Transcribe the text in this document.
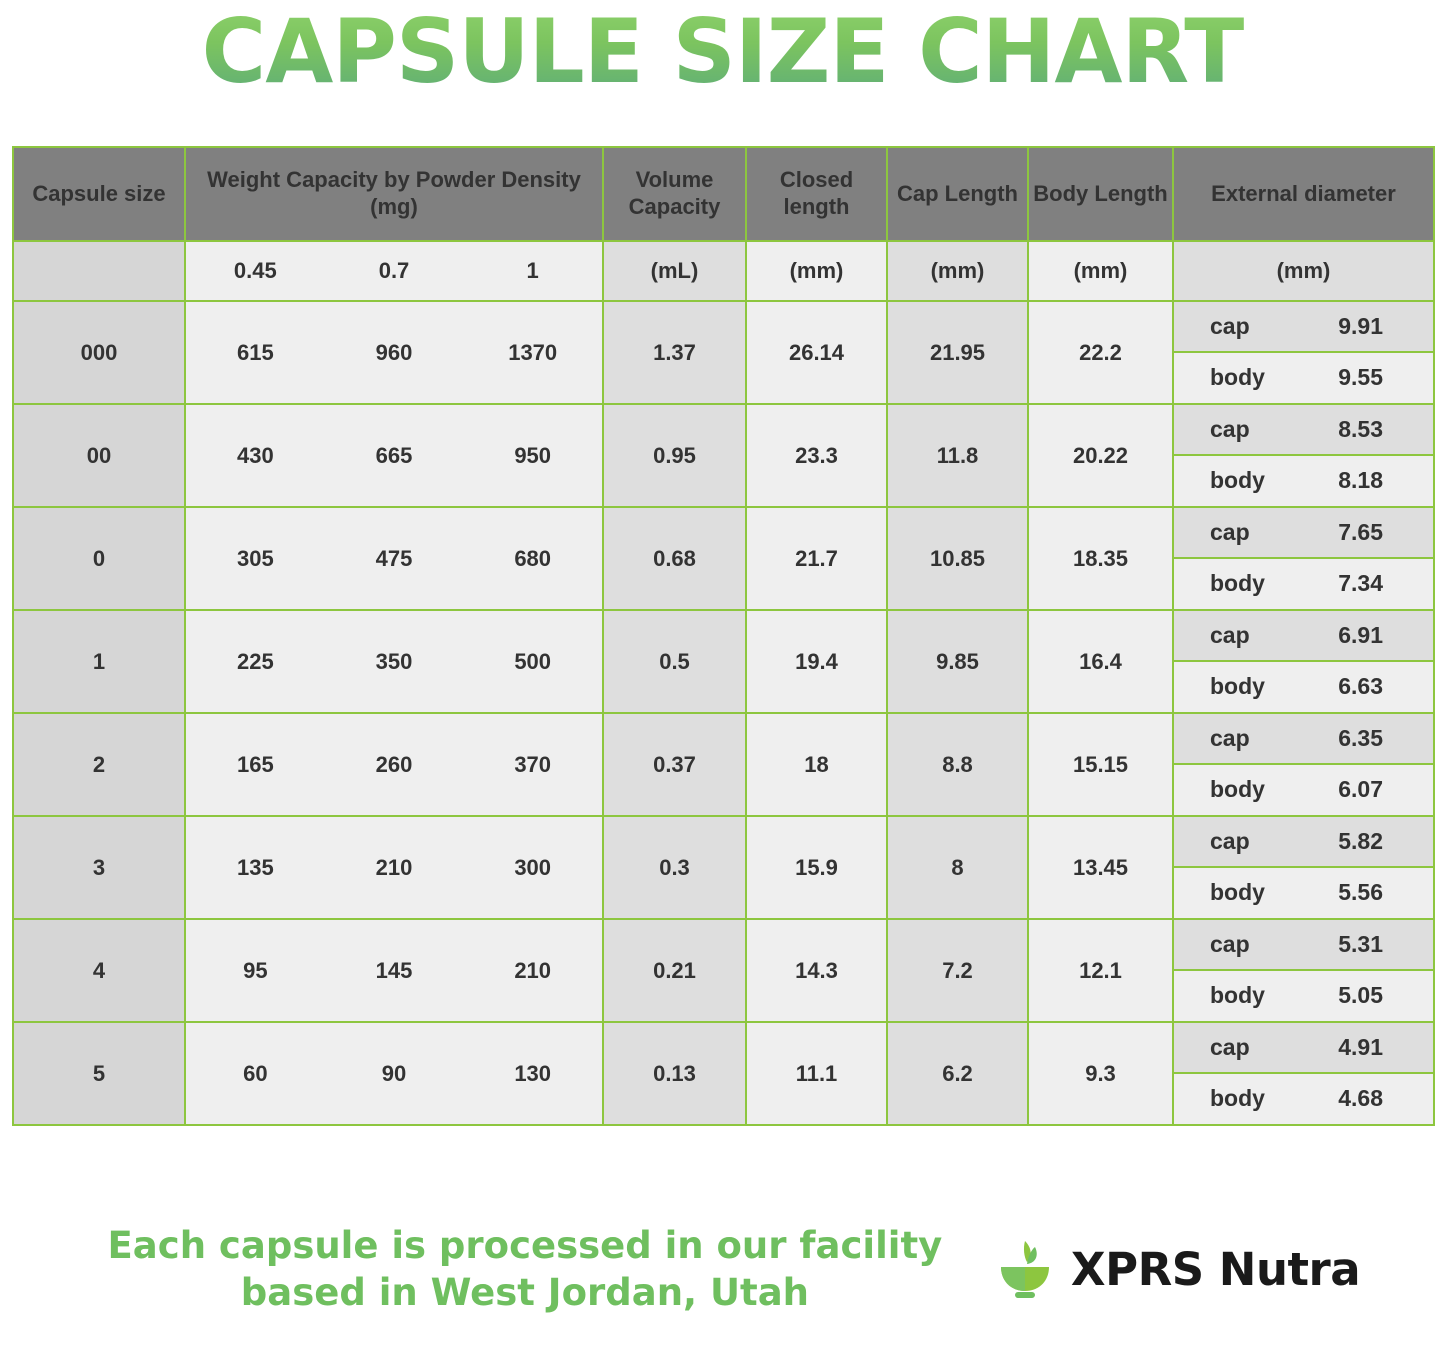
CAPSULE SIZE CHART
Capsule size	Weight Capacity by Powder Density (mg)	Volume Capacity	Closed length	Cap Length	Body Length	External diameter

	0.45 0.7 1	(mL)	(mm)	(mm)	(mm)	(mm)
000	615	960	1370	1.37	26.14	21.95	22.2	
cap	9.91
body	9.55

00	430	665	950	0.95	23.3	11.8	20.22	
cap	8.53
body	8.18

0	305	475	680	0.68	21.7	10.85	18.35	
cap	7.65
body	7.34

1	225	350	500	0.5	19.4	9.85	16.4	
cap	6.91
body	6.63

2	165	260	370	0.37	18	8.8	15.15	
cap	6.35
body	6.07

3	135	210	300	0.3	15.9	8	13.45	
cap	5.82
body	5.56

4	95	145	210	0.21	14.3	7.2	12.1	
cap	5.31
body	5.05

5	60	90	130	0.13	11.1	6.2	9.3	
cap	4.91
body	4.68
Each capsule is processed in our facility based in West Jordan, Utah	XPRS Nutra
